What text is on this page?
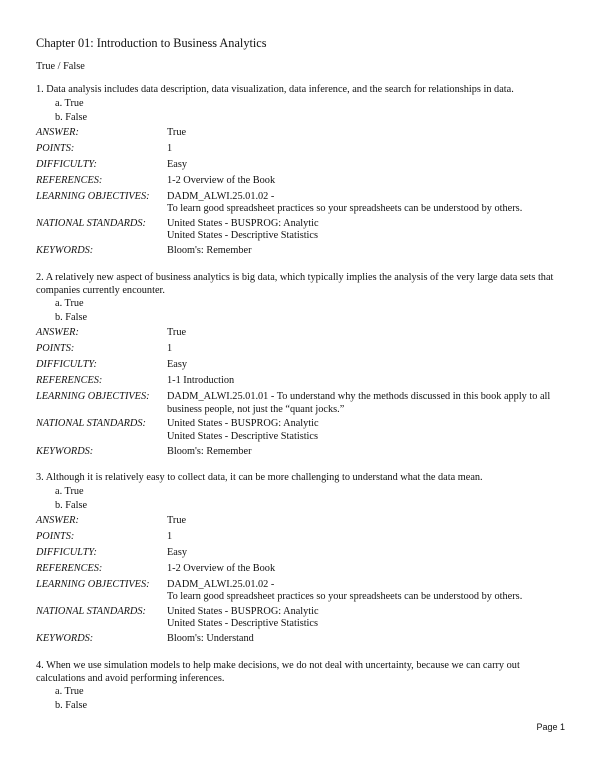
Chapter 01: Introduction to Business Analytics
True / False
1. Data analysis includes data description, data visualization, data inference, and the search for relationships in data.
a. True
b. False
ANSWER:	True
POINTS:	1
DIFFICULTY:	Easy
REFERENCES:	1-2 Overview of the Book
LEARNING OBJECTIVES:	DADM_ALWI.25.01.02 -
To learn good spreadsheet practices so your spreadsheets can be understood by others.
NATIONAL STANDARDS:	United States - BUSPROG: Analytic
United States - Descriptive Statistics
KEYWORDS:	Bloom's: Remember
2. A relatively new aspect of business analytics is big data, which typically implies the analysis of the very large data sets that companies currently encounter.
a. True
b. False
ANSWER:	True
POINTS:	1
DIFFICULTY:	Easy
REFERENCES:	1-1 Introduction
LEARNING OBJECTIVES:	DADM_ALWI.25.01.01 - To understand why the methods discussed in this book apply to all business people, not just the “quant jocks.”
NATIONAL STANDARDS:	United States - BUSPROG: Analytic
United States - Descriptive Statistics
KEYWORDS:	Bloom's: Remember
3. Although it is relatively easy to collect data, it can be more challenging to understand what the data mean.
a. True
b. False
ANSWER:	True
POINTS:	1
DIFFICULTY:	Easy
REFERENCES:	1-2 Overview of the Book
LEARNING OBJECTIVES:	DADM_ALWI.25.01.02 -
To learn good spreadsheet practices so your spreadsheets can be understood by others.
NATIONAL STANDARDS:	United States - BUSPROG: Analytic
United States - Descriptive Statistics
KEYWORDS:	Bloom's: Understand
4. When we use simulation models to help make decisions, we do not deal with uncertainty, because we can carry out calculations and avoid performing inferences.
a. True
b. False
Page 1
